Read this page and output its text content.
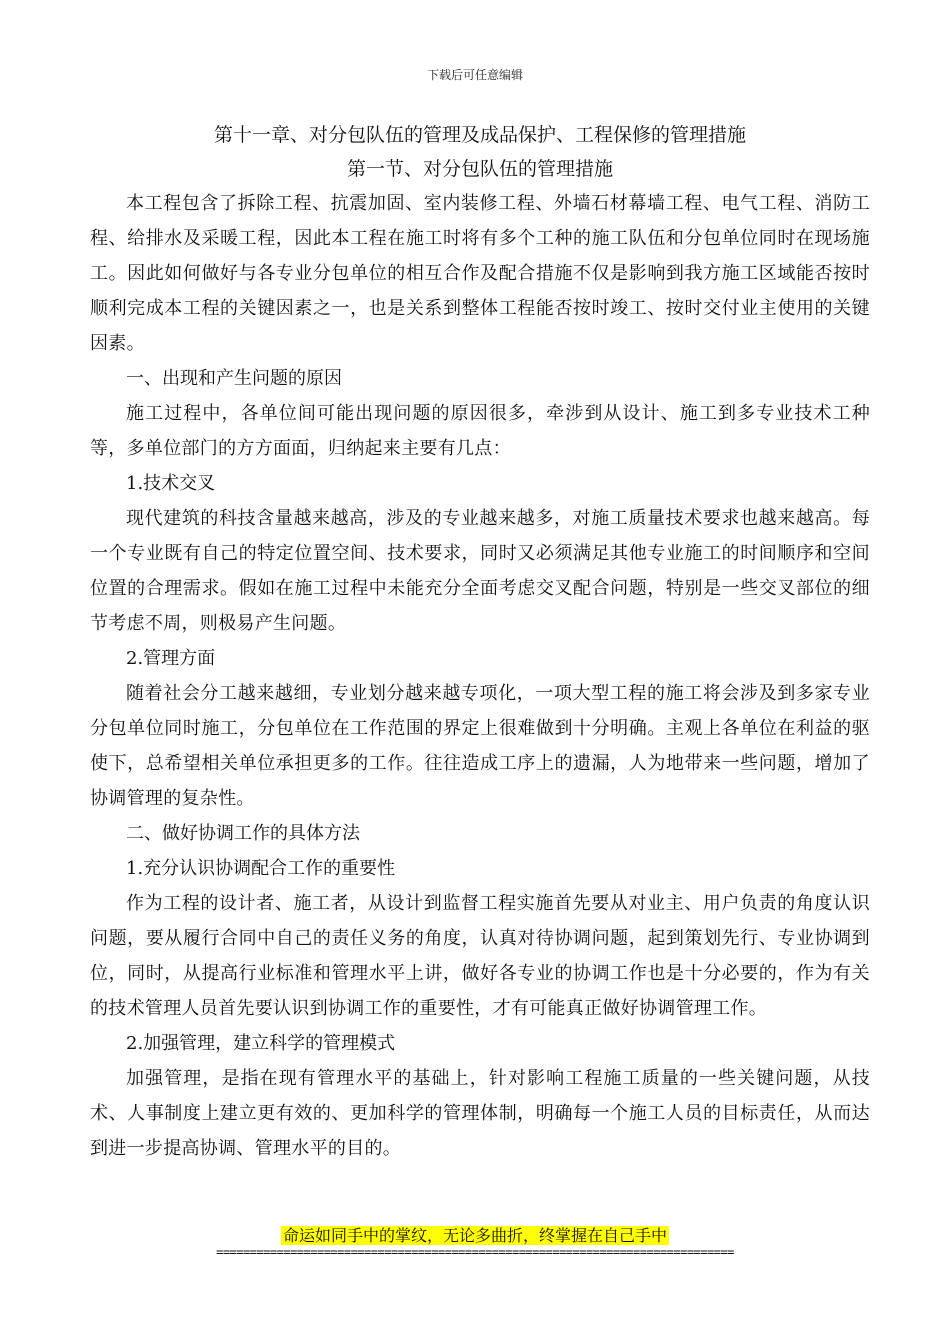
下载后可任意编辑

第十一章、对分包队伍的管理及成品保护、工程保修的管理措施

第一节、对分包队伍的管理措施

本工程包含了拆除工程、抗震加固、室内装修工程、外墙石材幕墙工程、电气工程、消防工程、给排水及采暖工程，因此本工程在施工时将有多个工种的施工队伍和分包单位同时在现场施工。因此如何做好与各专业分包单位的相互合作及配合措施不仅是影响到我方施工区域能否按时顺利完成本工程的关键因素之一，也是关系到整体工程能否按时竣工、按时交付业主使用的关键因素。

一、出现和产生问题的原因

施工过程中，各单位间可能出现问题的原因很多，牵涉到从设计、施工到多专业技术工种等，多单位部门的方方面面，归纳起来主要有几点：

1.技术交叉

现代建筑的科技含量越来越高，涉及的专业越来越多，对施工质量技术要求也越来越高。每一个专业既有自己的特定位置空间、技术要求，同时又必须满足其他专业施工的时间顺序和空间位置的合理需求。假如在施工过程中未能充分全面考虑交叉配合问题，特别是一些交叉部位的细节考虑不周，则极易产生问题。

2.管理方面

随着社会分工越来越细，专业划分越来越专项化，一项大型工程的施工将会涉及到多家专业分包单位同时施工，分包单位在工作范围的界定上很难做到十分明确。主观上各单位在利益的驱使下，总希望相关单位承担更多的工作。往往造成工序上的遗漏，人为地带来一些问题，增加了协调管理的复杂性。

二、做好协调工作的具体方法

1.充分认识协调配合工作的重要性

作为工程的设计者、施工者，从设计到监督工程实施首先要从对业主、用户负责的角度认识问题，要从履行合同中自己的责任义务的角度，认真对待协调问题，起到策划先行、专业协调到位，同时，从提高行业标准和管理水平上讲，做好各专业的协调工作也是十分必要的，作为有关的技术管理人员首先要认识到协调工作的重要性，才有可能真正做好协调管理工作。

2.加强管理，建立科学的管理模式

加强管理，是指在现有管理水平的基础上，针对影响工程施工质量的一些关键问题，从技术、人事制度上建立更有效的、更加科学的管理体制，明确每一个施工人员的目标责任，从而达到进一步提高协调、管理水平的目的。

命运如同手中的掌纹，无论多曲折，终掌握在自己手中
=============================================================================
